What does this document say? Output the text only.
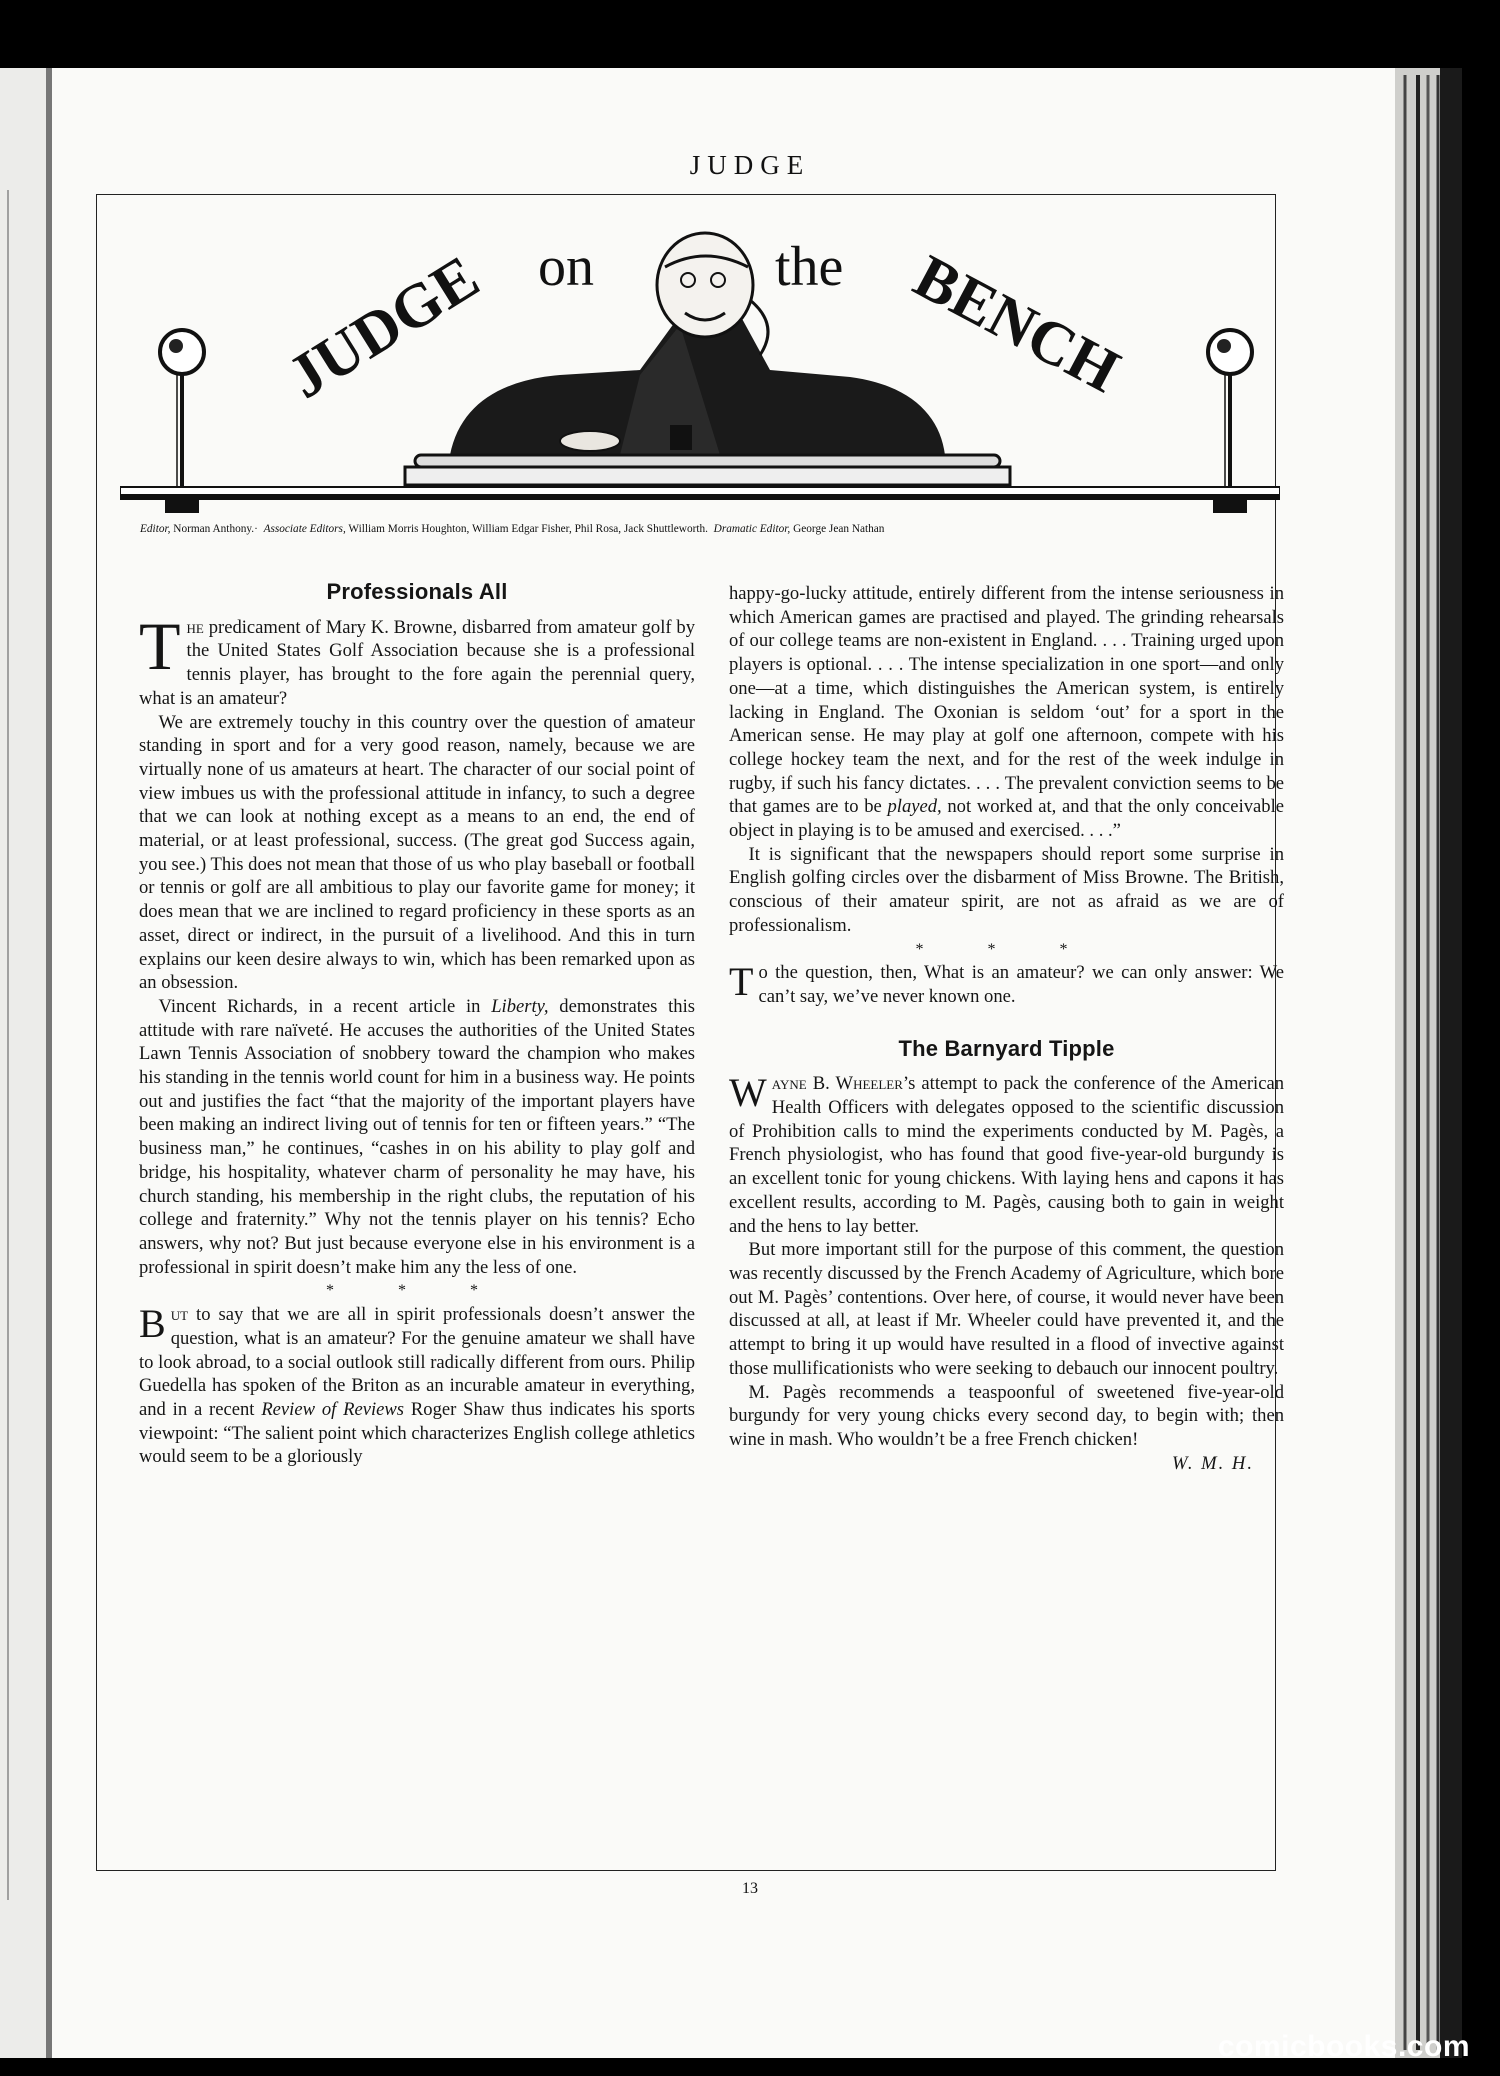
JUDGE
JUDGE on	the BENCH
Editor, Norman Anthony.· Associate Editors, William Morris Houghton, William Edgar Fisher, Phil Rosa, Jack Shuttleworth. Dramatic Editor, George Jean Nathan
Professionals All

The predicament of Mary K. Browne, disbarred from amateur golf by the United States Golf Association because she is a professional tennis player, has brought to the fore again the perennial query, what is an amateur?

We are extremely touchy in this country over the question of amateur standing in sport and for a very good reason, namely, because we are virtually none of us amateurs at heart. The character of our social point of view imbues us with the professional attitude in infancy, to such a degree that we can look at nothing except as a means to an end, the end of material, or at least professional, success. (The great god Success again, you see.) This does not mean that those of us who play baseball or football or tennis or golf are all ambitious to play our favorite game for money; it does mean that we are inclined to regard proficiency in these sports as an asset, direct or indirect, in the pursuit of a livelihood. And this in turn explains our keen desire always to win, which has been remarked upon as an obsession.

Vincent Richards, in a recent article in Liberty, demonstrates this attitude with rare naïveté. He accuses the authorities of the United States Lawn Tennis Association of snobbery toward the champion who makes his standing in the tennis world count for him in a business way. He points out and justifies the fact “that the majority of the important players have been making an indirect living out of tennis for ten or fifteen years.” “The business man,” he continues, “cashes in on his ability to play golf and bridge, his hospitality, whatever charm of personality he may have, his church standing, his membership in the right clubs, the reputation of his college and fraternity.” Why not the tennis player on his tennis? Echo answers, why not? But just because everyone else in his environment is a professional in spirit doesn’t make him any the less of one.

* * *

But to say that we are all in spirit professionals doesn’t answer the question, what is an amateur? For the genuine amateur we shall have to look abroad, to a social outlook still radically different from ours. Philip Guedella has spoken of the Briton as an incurable amateur in everything, and in a recent Review of Reviews Roger Shaw thus indicates his sports viewpoint: “The salient point which characterizes English college athletics would seem to be a gloriously

happy-go-lucky attitude, entirely different from the intense seriousness in which American games are practised and played. The grinding rehearsals of our college teams are non-existent in England. . . . Training urged upon players is optional. . . . The intense specialization in one sport—and only one—at a time, which distinguishes the American system, is entirely lacking in England. The Oxonian is seldom ‘out’ for a sport in the American sense. He may play at golf one afternoon, compete with his college hockey team the next, and for the rest of the week indulge in rugby, if such his fancy dictates. . . . The prevalent conviction seems to be that games are to be played, not worked at, and that the only conceivable object in playing is to be amused and exercised. . . .”

It is significant that the newspapers should report some surprise in English golfing circles over the disbarment of Miss Browne. The British, conscious of their amateur spirit, are not as afraid as we are of professionalism.

* * *

To the question, then, What is an amateur? we can only answer: We can’t say, we’ve never known one.

The Barnyard Tipple

Wayne B. Wheeler’s attempt to pack the conference of the American Health Officers with delegates opposed to the scientific discussion of Prohibition calls to mind the experiments conducted by M. Pagès, a French physiologist, who has found that good five-year-old burgundy is an excellent tonic for young chickens. With laying hens and capons it has excellent results, according to M. Pagès, causing both to gain in weight and the hens to lay better.

But more important still for the purpose of this comment, the question was recently discussed by the French Academy of Agriculture, which bore out M. Pagès’ contentions. Over here, of course, it would never have been discussed at all, at least if Mr. Wheeler could have prevented it, and the attempt to bring it up would have resulted in a flood of invective against those mullificationists who were seeking to debauch our innocent poultry.

M. Pagès recommends a teaspoonful of sweetened five-year-old burgundy for very young chicks every second day, to begin with; then wine in mash. Who wouldn’t be a free French chicken!

W. M. H.

13
comicbooks.com
